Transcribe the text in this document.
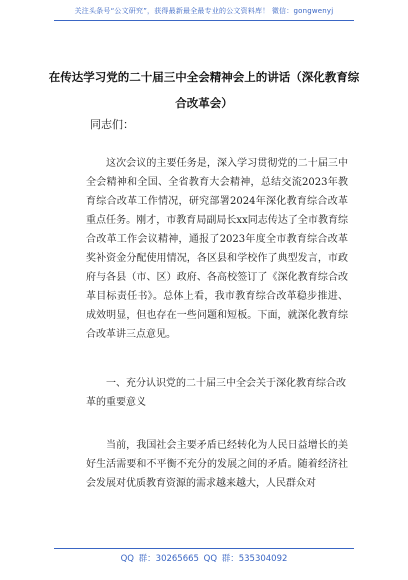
关注头条号“公文研究”，获得最新最全最专业的公文资料库！ 微信：gongwenyj
在传达学习党的二十届三中全会精神会上的讲话（深化教育综合改革会）
同志们：
这次会议的主要任务是，深入学习贯彻党的二十届三中全会精神和全国、全省教育大会精神，总结交流2023年教育综合改革工作情况，研究部署2024年深化教育综合改革重点任务。刚才，市教育局副局长xx同志传达了全市教育综合改革工作会议精神，通报了2023年度全市教育综合改革奖补资金分配使用情况，各区县和学校作了典型发言，市政府与各县（市、区）政府、各高校签订了《深化教育综合改革目标责任书》。总体上看，我市教育综合改革稳步推进、成效明显，但也存在一些问题和短板。下面，就深化教育综合改革讲三点意见。
一、充分认识党的二十届三中全会关于深化教育综合改革的重要意义
当前，我国社会主要矛盾已经转化为人民日益增长的美好生活需要和不平衡不充分的发展之间的矛盾。随着经济社会发展对优质教育资源的需求越来越大，人民群众对
QQ 群：30265665 QQ 群：535304092
